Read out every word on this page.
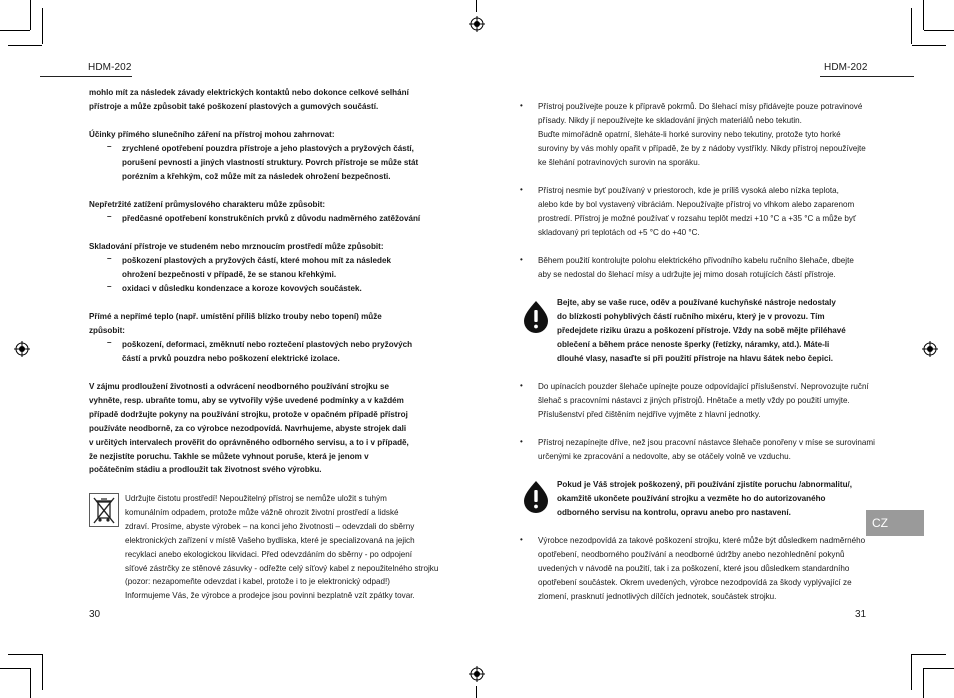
HDM-202	HDM-202
mohlo mít za následek závady elektrických kontaktů nebo dokonce celkové selhání
přístroje a může způsobit také poškození plastových a gumových součástí.
Účinky přímého slunečního záření na přístroj mohou zahrnovat:
– zrychlené opotřebení pouzdra přístroje a jeho plastových a pryžových částí,
porušení pevnosti a jiných vlastností struktury. Povrch přístroje se může stát
porézním a křehkým, což může mít za následek ohrožení bezpečnosti.
Nepřetržité zatížení průmyslového charakteru může způsobit:
– předčasné opotřebení konstrukčních prvků z důvodu nadměrného zatěžování
Skladování přístroje ve studeném nebo mrznoucím prostředí může způsobit:
– poškození plastových a pryžových částí, které mohou mít za následek
ohrožení bezpečnosti v případě, že se stanou křehkými.
– oxidaci v důsledku kondenzace a koroze kovových součástek.
Přímé a nepřímé teplo (např. umístění příliš blízko trouby nebo topení) může
způsobit:
– poškození, deformaci, změknutí nebo roztečení plastových nebo pryžových
částí a prvků pouzdra nebo poškození elektrické izolace.
V zájmu prodloužení životnosti a odvrácení neodborného používání strojku se
vyhněte, resp. ubraňte tomu, aby se vytvořily výše uvedené podmínky a v každém
případě dodržujte pokyny na používání strojku, protože v opačném případě přístroj
používáte neodborně, za co výrobce nezodpovídá. Navrhujeme, abyste strojek dali
v určitých intervalech prověřit do oprávněného odborného servisu, a to i v případě,
že nezjistíte poruchu. Takhle se můžete vyhnout poruše, která je jenom v
počátečním stádiu a prodloužit tak životnost svého výrobku.
Udržujte čistotu prostředí! Nepoužitelný přístroj se nemůže uložit s tuhým
komunálním odpadem, protože může vážně ohrozit životní prostředí a lidské
zdraví. Prosíme, abyste výrobek – na konci jeho životnosti – odevzdali do sběrny
elektronických zařízení v místě Vašeho bydliska, které je specializovaná na jejich
recyklaci anebo ekologickou likvidaci. Před odevzdáním do sběrny - po odpojení
síťové zástrčky ze stěnové zásuvky - odřežte celý síťový kabel z nepoužitelného strojku
(pozor: nezapomeňte odevzdat i kabel, protože i to je elektronický odpad!)
Informujeme Vás, že výrobce a prodejce jsou povinni bezplatně vzít zpátky tovar.
30
• Přístroj používejte pouze k přípravě pokrmů. Do šlehací mísy přidávejte pouze potravinové
přísady. Nikdy jí nepoužívejte ke skladování jiných materiálů nebo tekutin.
Buďte mimořádně opatrní, šleháte-li horké suroviny nebo tekutiny, protože tyto horké
suroviny by vás mohly opařit v případě, že by z nádoby vystříkly. Nikdy přístroj nepoužívejte
ke šlehání potravinových surovin na sporáku.
• Přístroj nesmie byť používaný v priestoroch, kde je príliš vysoká alebo nízka teplota,
alebo kde by bol vystavený vibráciám. Nepoužívajte přístroj vo vlhkom alebo zaparenom
prostredí. Přístroj je možné používať v rozsahu teplôt medzi +10 °C a +35 °C a může byť
skladovaný pri teplotách od +5 °C do +40 °C.
• Během použití kontrolujte polohu elektrického přívodního kabelu ručního šlehače, dbejte
aby se nedostal do šlehací mísy a udržujte jej mimo dosah rotujících částí přístroje.
Bejte, aby se vaše ruce, oděv a používané kuchyňské nástroje nedostaly
do blízkosti pohyblivých částí ručního mixéru, který je v provozu. Tím
předejdete riziku úrazu a poškození přístroje. Vždy na sobě mějte přiléhavé
oblečení a během práce nenoste šperky (řetízky, náramky, atd.). Máte-li
dlouhé vlasy, nasaďte si při použití přístroje na hlavu šátek nebo čepici.
• Do upínacích pouzder šlehače upínejte pouze odpovídající příslušenství. Neprovozujte ruční
šlehač s pracovními nástavci z jiných přístrojů. Hnětače a metly vždy po použití umyjte.
Příslušenství před čištěním nejdříve vyjměte z hlavní jednotky.
• Přístroj nezapínejte dříve, než jsou pracovní nástavce šlehače ponořeny v míse se surovinami
určenými ke zpracování a nedovolte, aby se otáčely volně ve vzduchu.
Pokud je Váš strojek poškozený, při používání zjistíte poruchu /abnormalitu/,
okamžitě ukončete používání strojku a vezměte ho do autorizovaného
odborného servisu na kontrolu, opravu anebo pro nastavení.
CZ
• Výrobce nezodpovídá za takové poškození strojku, které může být důsledkem nadměrného
opotřebení, neodborného používání a neodborné údržby anebo nezohlednění pokynů
uvedených v návodě na použití, tak i za poškození, které jsou důsledkem standardního
opotřebení součástek. Okrem uvedených, výrobce nezodpovídá za škody vyplývající ze
zlomení, prasknutí jednotlivých dílčích jednotek, součástek strojku.
31
